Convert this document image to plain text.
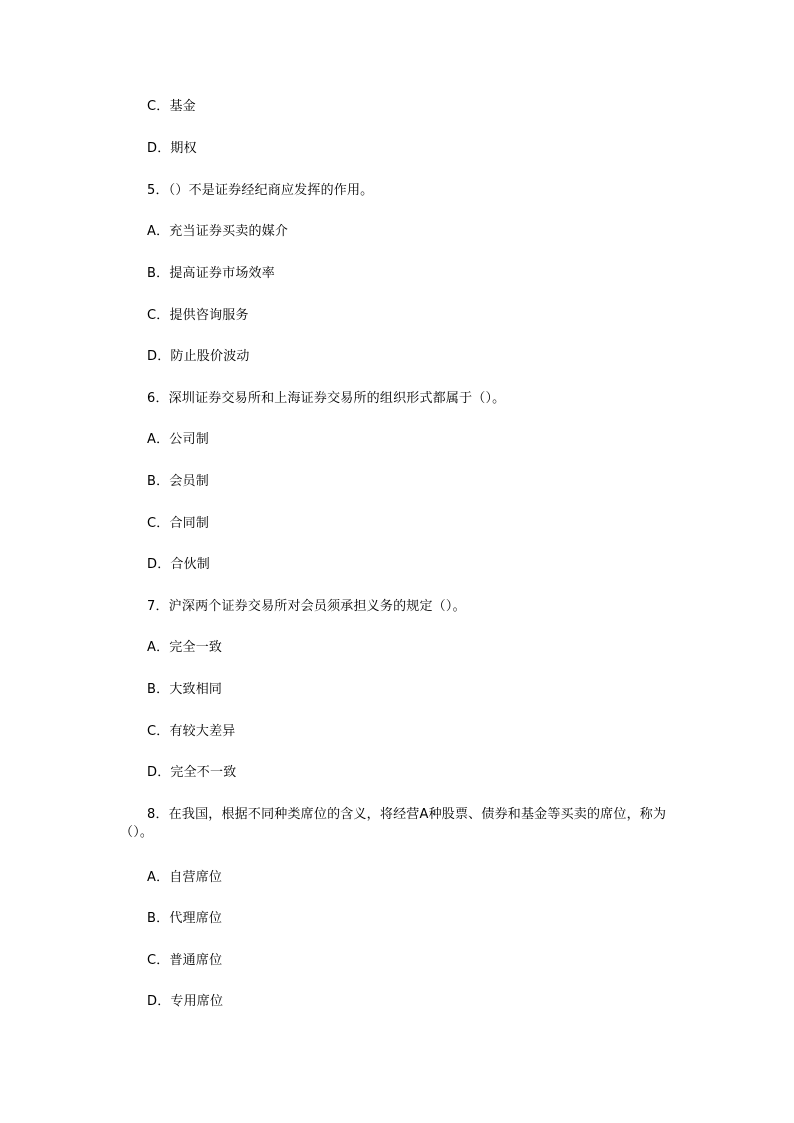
C．基金
D．期权
5．（）不是证券经纪商应发挥的作用。
A．充当证券买卖的媒介
B．提高证券市场效率
C．提供咨询服务
D．防止股价波动
6．深圳证券交易所和上海证券交易所的组织形式都属于（）。
A．公司制
B．会员制
C．合同制
D．合伙制
7．沪深两个证券交易所对会员须承担义务的规定（）。
A．完全一致
B．大致相同
C．有较大差异
D．完全不一致
8．在我国，根据不同种类席位的含义，将经营A种股票、债券和基金等买卖的席位，称为（）。
A．自营席位
B．代理席位
C．普通席位
D．专用席位
